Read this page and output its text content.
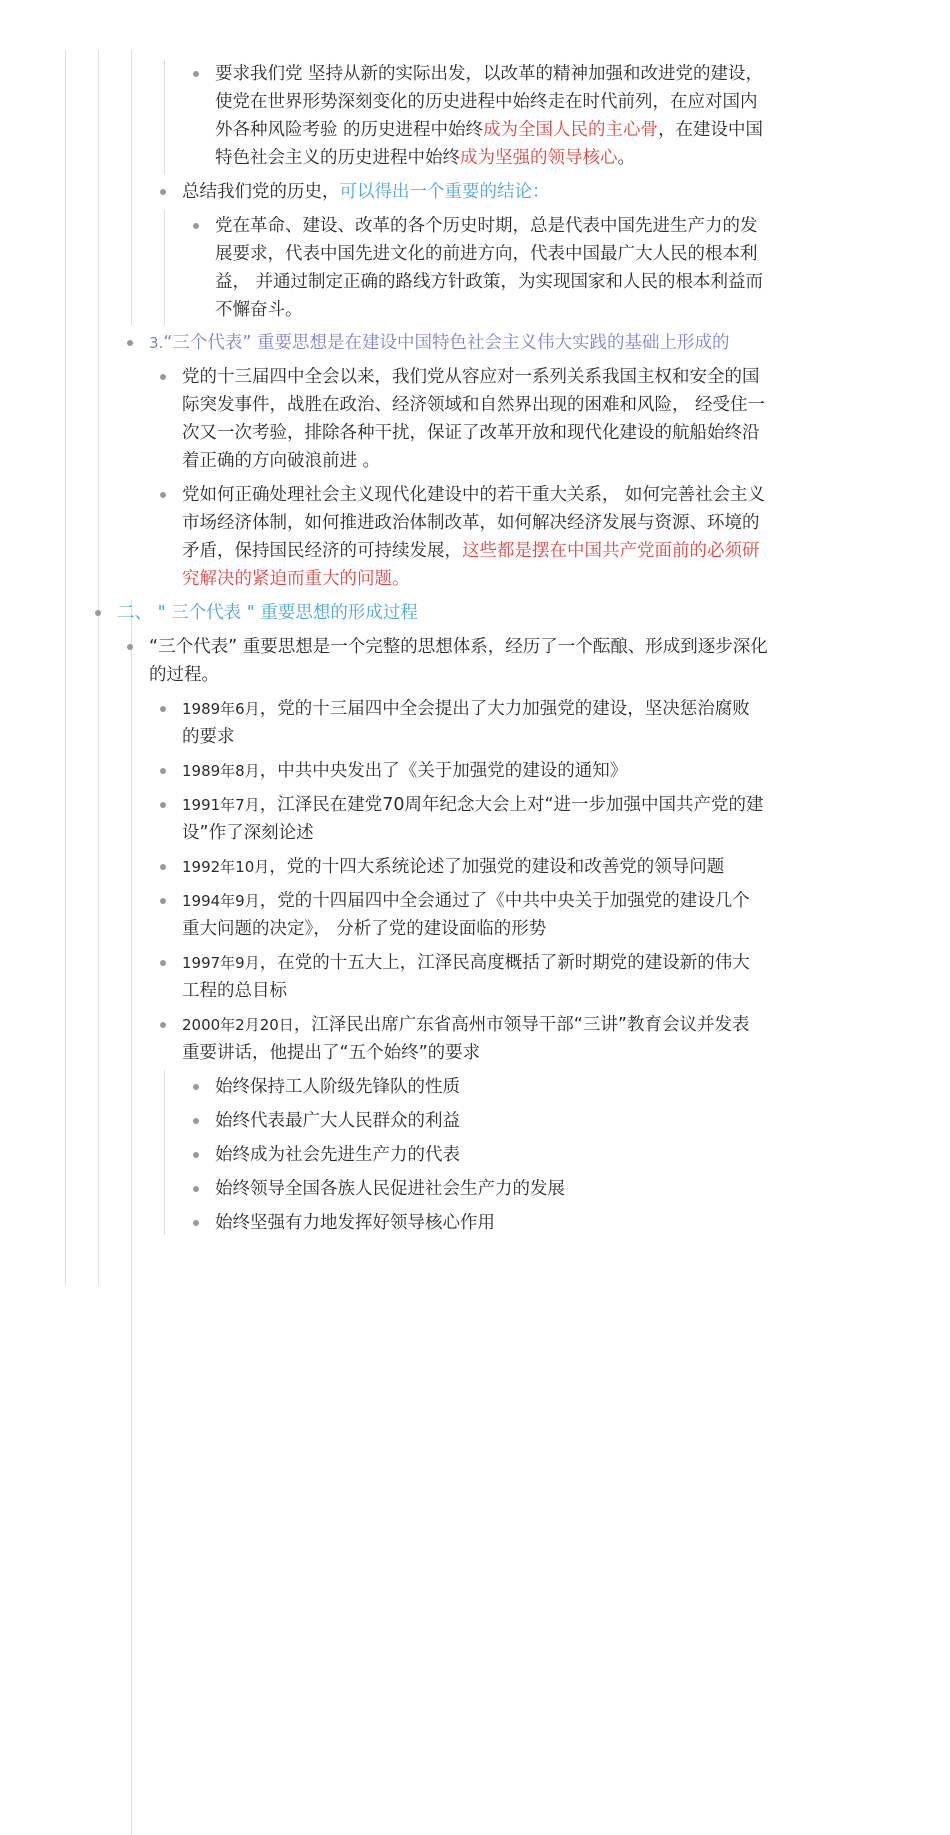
要求我们党 坚持从新的实际出发，以改革的精神加强和改进党的建设，
使党在世界形势深刻变化的历史进程中始终走在时代前列，在应对国内
外各种风险考验 的历史进程中始终成为全国人民的主心骨，在建设中国
特色社会主义的历史进程中始终成为坚强的领导核心。
总结我们党的历史，可以得出一个重要的结论：
党在革命、建设、改革的各个历史时期，总是代表中国先进生产力的发
展要求，代表中国先进文化的前进方向，代表中国最广大人民的根本利
益， 并通过制定正确的路线方针政策，为实现国家和人民的根本利益而
不懈奋斗。
3.“三个代表” 重要思想是在建设中国特色社会主义伟大实践的基础上形成的
党的十三届四中全会以来，我们党从容应对一系列关系我国主权和安全的国
际突发事件，战胜在政治、经济领域和自然界出现的困难和风险， 经受住一
次又一次考验，排除各种干扰，保证了改革开放和现代化建设的航船始终沿
着正确的方向破浪前进 。
党如何正确处理社会主义现代化建设中的若干重大关系， 如何完善社会主义
市场经济体制，如何推进政治体制改革，如何解决经济发展与资源、环境的
矛盾，保持国民经济的可持续发展，这些都是摆在中国共产党面前的必须研
究解决的紧迫而重大的问题。
二、 " 三个代表 " 重要思想的形成过程
“三个代表” 重要思想是一个完整的思想体系，经历了一个酝酿、形成到逐步深化
的过程。
1989年6月，党的十三届四中全会提出了大力加强党的建设，坚决惩治腐败
的要求
1989年8月，中共中央发出了《关于加强党的建设的通知》
1991年7月，江泽民在建党70周年纪念大会上对“进一步加强中国共产党的建
设”作了深刻论述
1992年10月，党的十四大系统论述了加强党的建设和改善党的领导问题
1994年9月，党的十四届四中全会通过了《中共中央关于加强党的建设几个
重大问题的决定》， 分析了党的建设面临的形势
1997年9月，在党的十五大上，江泽民高度概括了新时期党的建设新的伟大
工程的总目标
2000年2月20日，江泽民出席广东省高州市领导干部“三讲”教育会议并发表
重要讲话，他提出了“五个始终”的要求
始终保持工人阶级先锋队的性质
始终代表最广大人民群众的利益
始终成为社会先进生产力的代表
始终领导全国各族人民促进社会生产力的发展
始终坚强有力地发挥好领导核心作用
